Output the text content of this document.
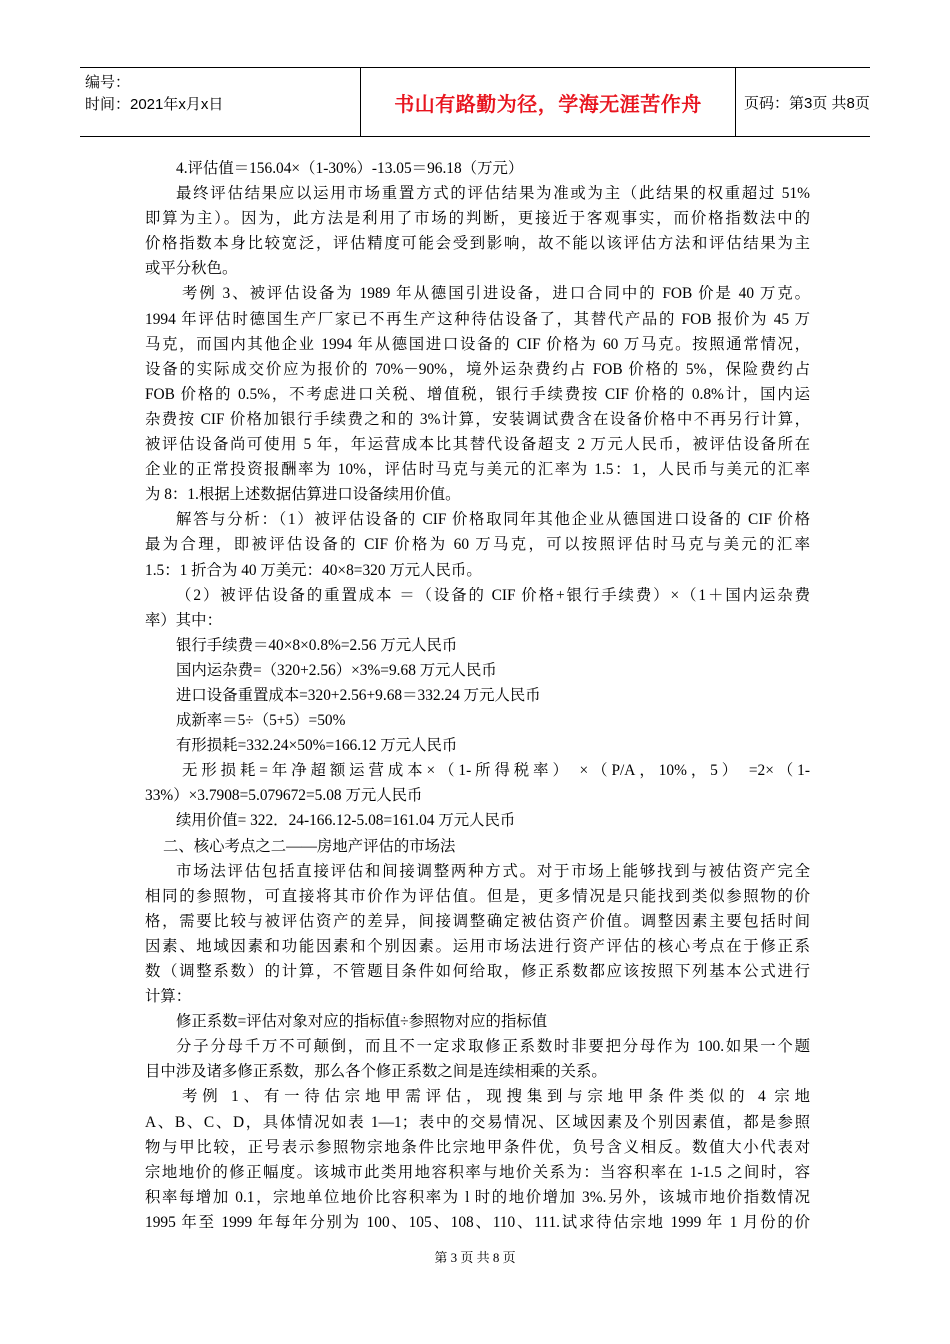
编号：
时间：2021年x月x日	书山有路勤为径，学海无涯苦作舟	页码：第3页 共8页
4.评估值＝156.04×（1-30%）-13.05＝96.18（万元）
最终评估结果应以运用市场重置方式的评估结果为准或为主（此结果的权重超过 51%
即算为主）。因为，此方法是利用了市场的判断，更接近于客观事实，而价格指数法中的
价格指数本身比较宽泛，评估精度可能会受到影响，故不能以该评估方法和评估结果为主
或平分秋色。
考例 3、被评估设备为 1989 年从德国引进设备，进口合同中的 FOB 价是 40 万克。
1994 年评估时德国生产厂家已不再生产这种待估设备了，其替代产品的 FOB 报价为 45 万
马克，而国内其他企业 1994 年从德国进口设备的 CIF 价格为 60 万马克。按照通常情况，
设备的实际成交价应为报价的 70%－90%，境外运杂费约占 FOB 价格的 5%，保险费约占
FOB 价格的 0.5%，不考虑进口关税、增值税，银行手续费按 CIF 价格的 0.8%计，国内运
杂费按 CIF 价格加银行手续费之和的 3%计算，安装调试费含在设备价格中不再另行计算，
被评估设备尚可使用 5 年，年运营成本比其替代设备超支 2 万元人民币，被评估设备所在
企业的正常投资报酬率为 10%，评估时马克与美元的汇率为 1.5：1，人民币与美元的汇率
为 8：1.根据上述数据估算进口设备续用价值。
解答与分析：（1）被评估设备的 CIF 价格取同年其他企业从德国进口设备的 CIF 价格
最为合理，即被评估设备的 CIF 价格为 60 万马克，可以按照评估时马克与美元的汇率
1.5：1 折合为 40 万美元：40×8=320 万元人民币。
（2）被评估设备的重置成本 ＝（设备的 CIF 价格+银行手续费）×（1＋国内运杂费
率）其中：
银行手续费＝40×8×0.8%=2.56 万元人民币
国内运杂费=（320+2.56）×3%=9.68 万元人民币
进口设备重置成本=320+2.56+9.68＝332.24 万元人民币
成新率＝5÷（5+5）=50%
有形损耗=332.24×50%=166.12 万元人民币
无形损耗=年净超额运营成本×（1-所得税率） ×（P/A，10%，5） =2×（1-
33%）×3.7908=5.079672=5.08 万元人民币
续用价值= 322．24-166.12-5.08=161.04 万元人民币
二、核心考点之二——房地产评估的市场法
市场法评估包括直接评估和间接调整两种方式。对于市场上能够找到与被估资产完全
相同的参照物，可直接将其市价作为评估值。但是，更多情况是只能找到类似参照物的价
格，需要比较与被评估资产的差异，间接调整确定被估资产价值。调整因素主要包括时间
因素、地域因素和功能因素和个别因素。运用市场法进行资产评估的核心考点在于修正系
数（调整系数）的计算，不管题目条件如何给取，修正系数都应该按照下列基本公式进行
计算：
修正系数=评估对象对应的指标值÷参照物对应的指标值
分子分母千万不可颠倒，而且不一定求取修正系数时非要把分母作为 100.如果一个题
目中涉及诸多修正系数，那么各个修正系数之间是连续相乘的关系。
考例 1、有一待估宗地甲需评估，现搜集到与宗地甲条件类似的 4 宗地
A、B、C、D，具体情况如表 1—1；表中的交易情况、区域因素及个别因素值，都是参照
物与甲比较，正号表示参照物宗地条件比宗地甲条件优，负号含义相反。数值大小代表对
宗地地价的修正幅度。该城市此类用地容积率与地价关系为：当容积率在 1-1.5 之间时，容
积率每增加 0.1，宗地单位地价比容积率为 l 时的地价增加 3%.另外，该城市地价指数情况
1995 年至 1999 年每年分别为 100、105、108、110、111.试求待估宗地 1999 年 1 月份的价
第 3 页 共 8 页
